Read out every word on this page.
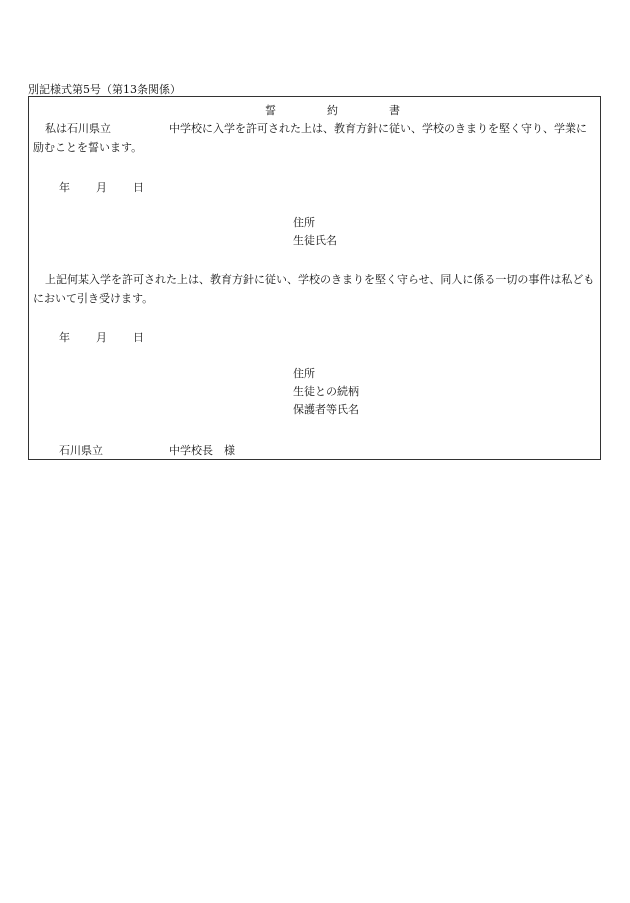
別記様式第5号（第13条関係）
誓　約　書
私は石川県立	中学校に入学を許可された上は、教育方針に従い、学校のきまりを堅く守り、学業に励むことを誓います。
年 月 日
住所
生徒氏名
上記何某入学を許可された上は、教育方針に従い、学校のきまりを堅く守らせ、同人に係る一切の事件は私どもにおいて引き受けます。
年 月 日
住所
生徒との続柄
保護者等氏名
石川県立	中学校長　様
